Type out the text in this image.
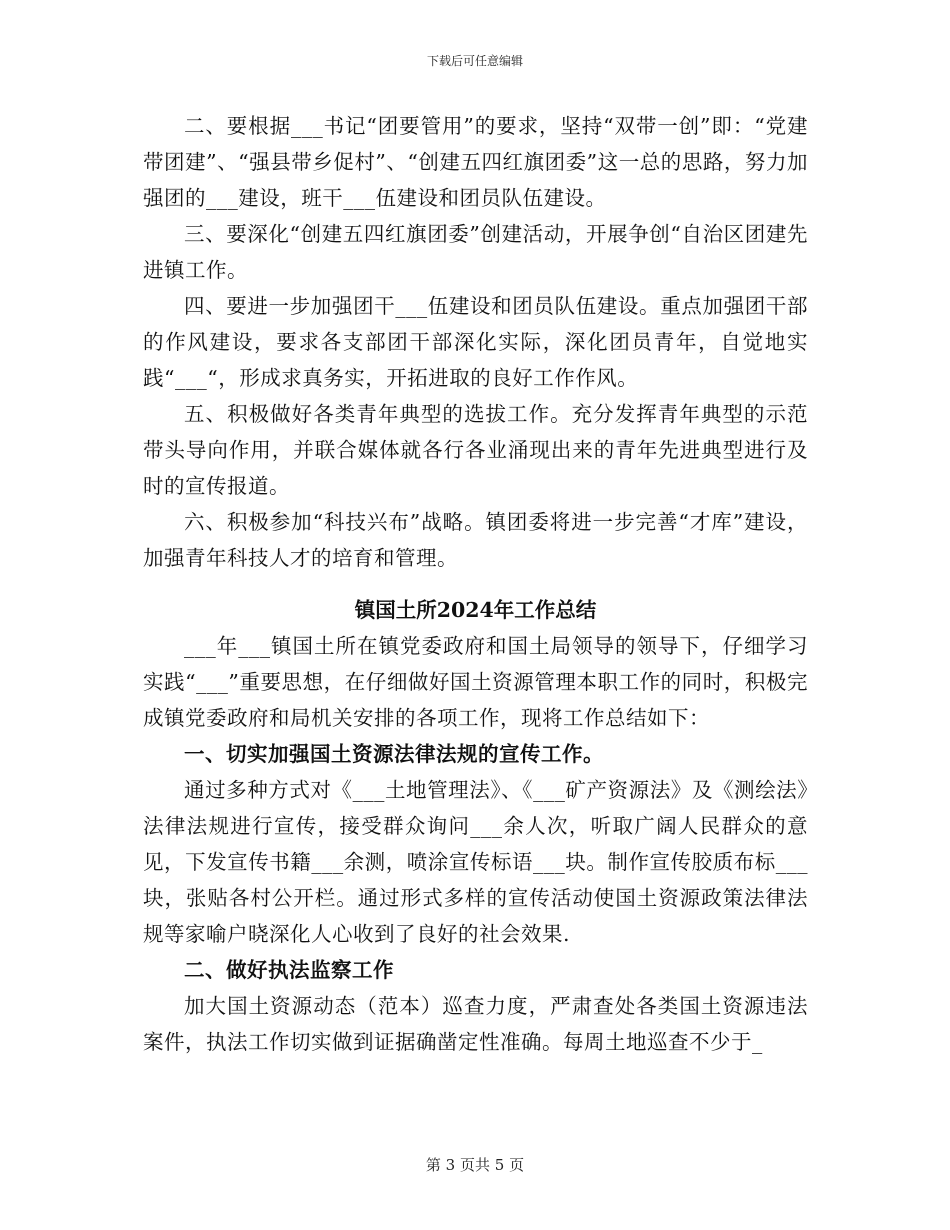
下载后可任意编辑

二、要根据___书记“团要管用”的要求，坚持“双带一创”即：“党建带团建”、“强县带乡促村”、“创建五四红旗团委”这一总的思路，努力加强团的___建设，班干___伍建设和团员队伍建设。

三、要深化“创建五四红旗团委”创建活动，开展争创“自治区团建先进镇工作。

四、要进一步加强团干___伍建设和团员队伍建设。重点加强团干部的作风建设，要求各支部团干部深化实际，深化团员青年，自觉地实践“___“，形成求真务实，开拓进取的良好工作作风。

五、积极做好各类青年典型的选拔工作。充分发挥青年典型的示范带头导向作用，并联合媒体就各行各业涌现出来的青年先进典型进行及时的宣传报道。

六、积极参加“科技兴布”战略。镇团委将进一步完善“才库”建设，加强青年科技人才的培育和管理。

镇国土所2024年工作总结

___年___镇国土所在镇党委政府和国土局领导的领导下，仔细学习实践“___”重要思想，在仔细做好国土资源管理本职工作的同时，积极完成镇党委政府和局机关安排的各项工作，现将工作总结如下：

一、切实加强国土资源法律法规的宣传工作。

通过多种方式对《___土地管理法》、《___矿产资源法》及《测绘法》法律法规进行宣传，接受群众询问___余人次，听取广阔人民群众的意见，下发宣传书籍___余测，喷涂宣传标语___块。制作宣传胶质布标___块，张贴各村公开栏。通过形式多样的宣传活动使国土资源政策法律法规等家喻户晓深化人心收到了良好的社会效果.

二、做好执法监察工作

加大国土资源动态（范本）巡查力度，严肃查处各类国土资源违法案件，执法工作切实做到证据确凿定性准确。每周土地巡查不少于_

第 3 页共 5 页
